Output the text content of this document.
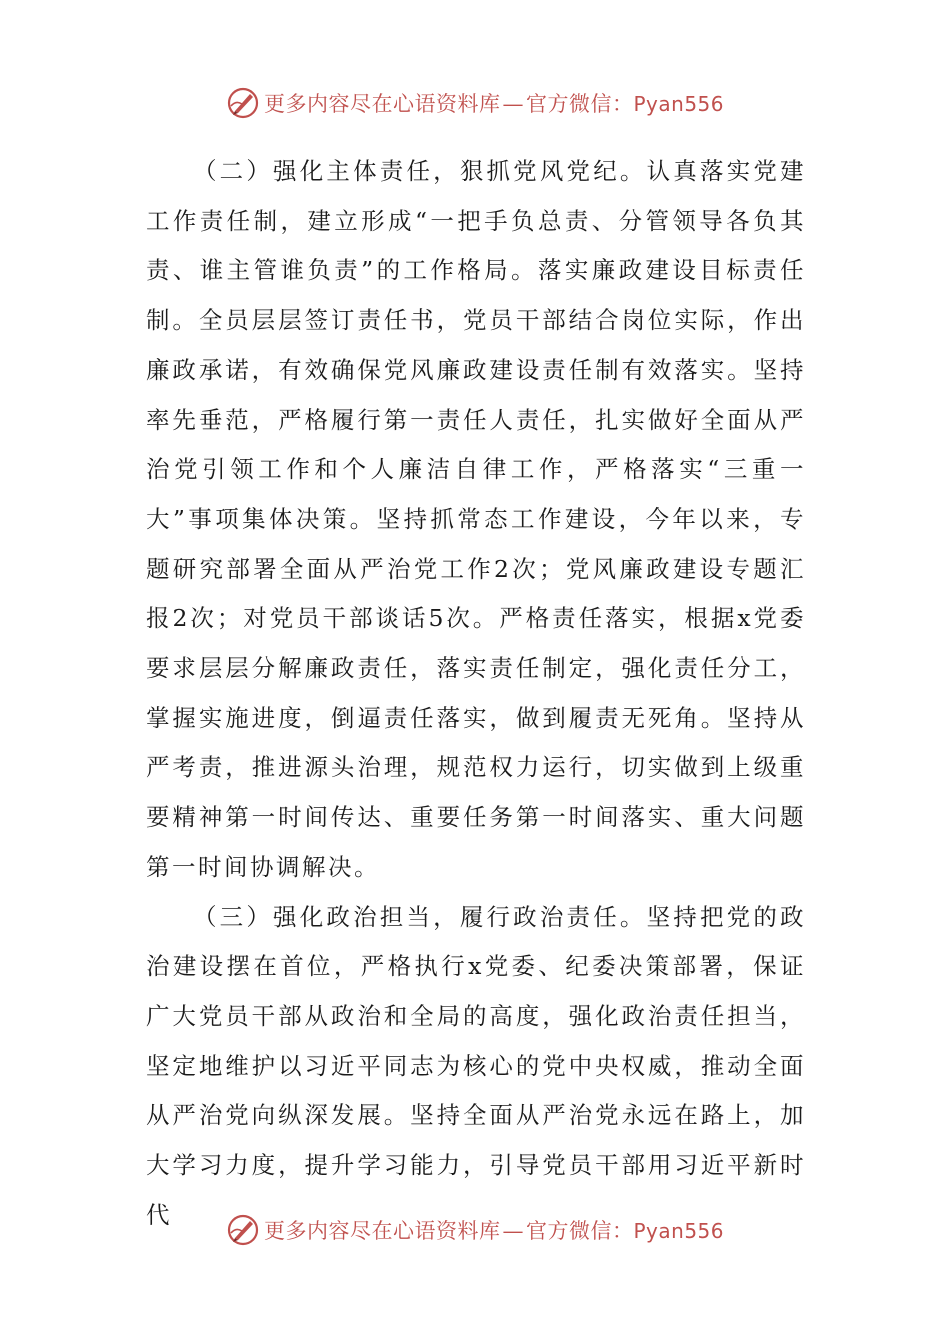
更多内容尽在心语资料库—官方微信：Pyan556

（二）强化主体责任，狠抓党风党纪。认真落实党建工作责任制，建立形成“一把手负总责、分管领导各负其责、谁主管谁负责”的工作格局。落实廉政建设目标责任制。全员层层签订责任书，党员干部结合岗位实际，作出廉政承诺，有效确保党风廉政建设责任制有效落实。坚持率先垂范，严格履行第一责任人责任，扎实做好全面从严治党引领工作和个人廉洁自律工作，严格落实“三重一大”事项集体决策。坚持抓常态工作建设，今年以来，专题研究部署全面从严治党工作2次；党风廉政建设专题汇报2次；对党员干部谈话5次。严格责任落实，根据x党委要求层层分解廉政责任，落实责任制定，强化责任分工，掌握实施进度，倒逼责任落实，做到履责无死角。坚持从严考责，推进源头治理，规范权力运行，切实做到上级重要精神第一时间传达、重要任务第一时间落实、重大问题第一时间协调解决。

（三）强化政治担当，履行政治责任。坚持把党的政治建设摆在首位，严格执行x党委、纪委决策部署，保证广大党员干部从政治和全局的高度，强化政治责任担当，坚定地维护以习近平同志为核心的党中央权威，推动全面从严治党向纵深发展。坚持全面从严治党永远在路上，加大学习力度，提升学习能力，引导党员干部用习近平新时代

更多内容尽在心语资料库—官方微信：Pyan556
